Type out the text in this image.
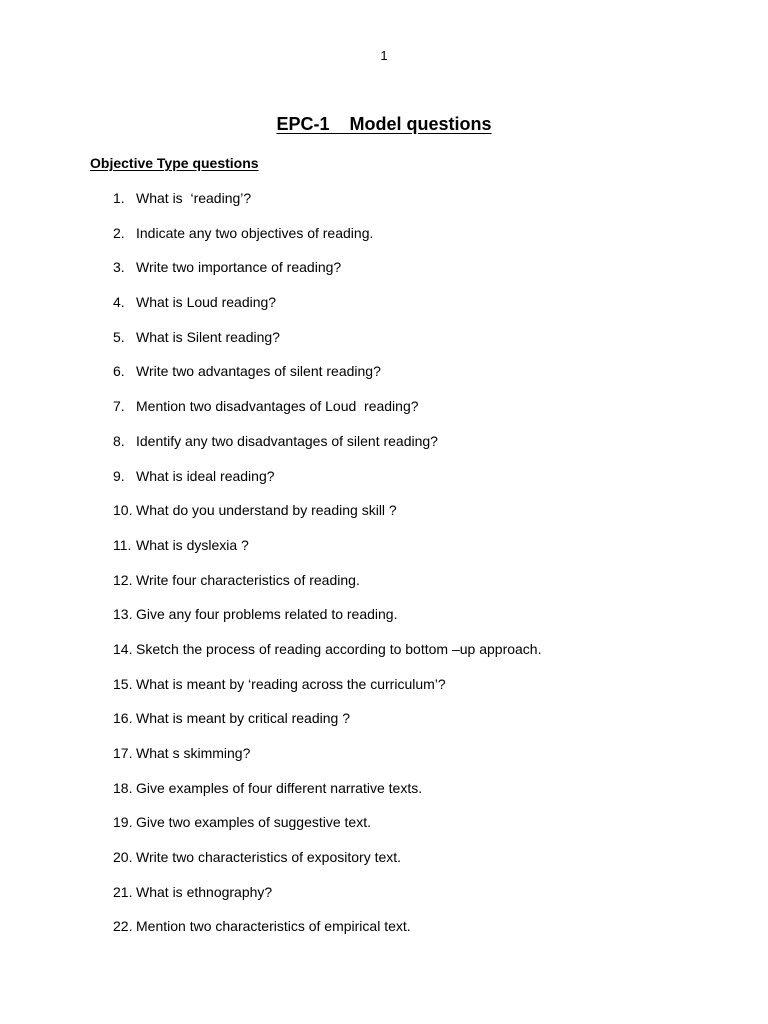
1
EPC-1    Model questions
Objective Type questions
1. What is  ‘reading’?
2. Indicate any two objectives of reading.
3. Write two importance of reading?
4. What is Loud reading?
5. What is Silent reading?
6. Write two advantages of silent reading?
7. Mention two disadvantages of Loud  reading?
8. Identify any two disadvantages of silent reading?
9. What is ideal reading?
10. What do you understand by reading skill ?
11. What is dyslexia ?
12. Write four characteristics of reading.
13. Give any four problems related to reading.
14. Sketch the process of reading according to bottom –up approach.
15. What is meant by ‘reading across the curriculum’?
16. What is meant by critical reading ?
17. What s skimming?
18. Give examples of four different narrative texts.
19. Give two examples of suggestive text.
20. Write two characteristics of expository text.
21. What is ethnography?
22. Mention two characteristics of empirical text.
